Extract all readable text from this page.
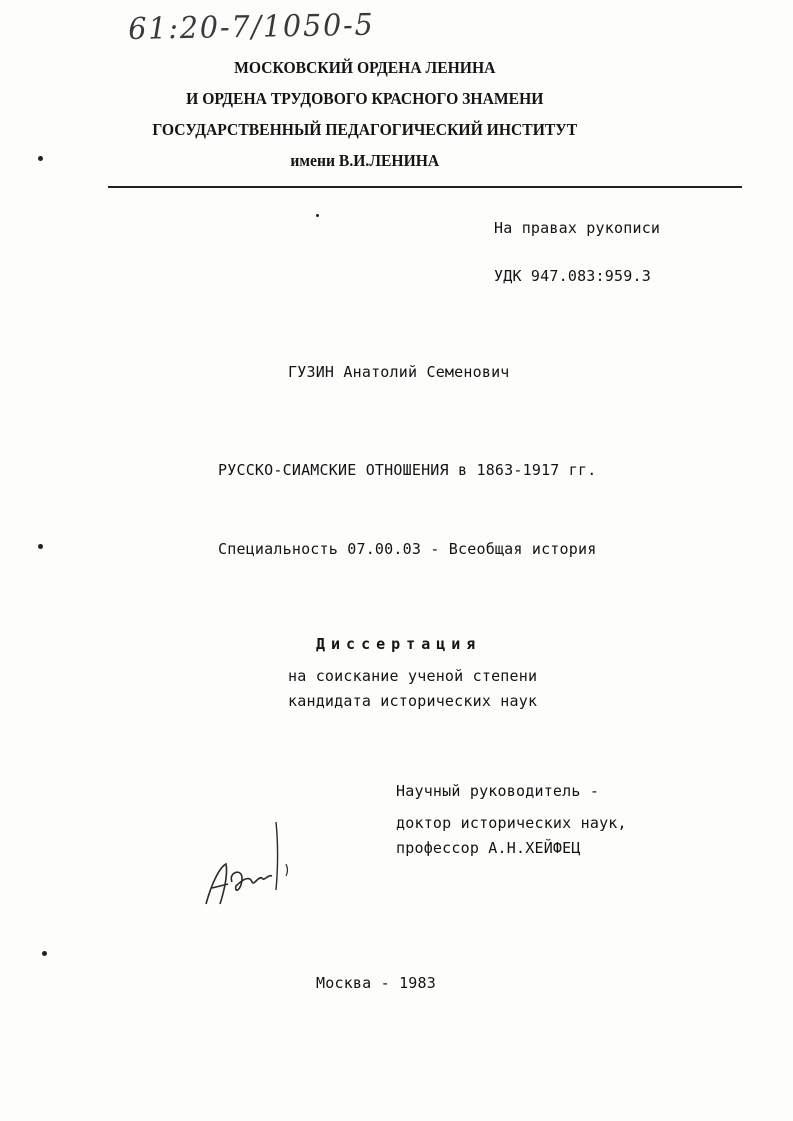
61:20-7/1050-5
МОСКОВСКИЙ ОРДЕНА ЛЕНИНА
И ОРДЕНА ТРУДОВОГО КРАСНОГО ЗНАМЕНИ
ГОСУДАРСТВЕННЫЙ ПЕДАГОГИЧЕСКИЙ ИНСТИТУТ
имени В.И.ЛЕНИНА
На правах рукописи
УДК 947.083:959.3
ГУЗИН Анатолий Семенович
РУССКО-СИАМСКИЕ ОТНОШЕНИЯ в 1863-1917 гг.
Специальность 07.00.03 - Всеобщая история
Диссертация
на соискание ученой степени
кандидата исторических наук
Научный руководитель -
доктор исторических наук,
профессор А.Н.ХЕЙФЕЦ
Москва - 1983
